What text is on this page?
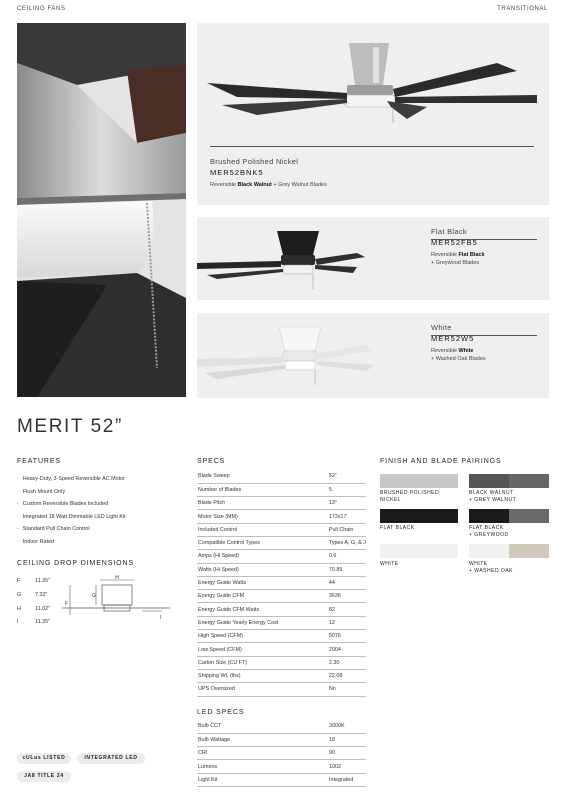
CEILING FANS	TRANSITIONAL
Brushed Polished Nickel
MER52BNK5
Reversible Black Walnut + Grey Walnut Blades
Flat Black
MER52FB5
Reversible Flat Black
+ Greywood Blades
White
MER52W5
Reversible White
+ Washed Oak Blades
MERIT 52”
FEATURES	SPECS	FINISH AND BLADE PAIRINGS
CEILING DROP DIMENSIONS
LED SPECS
· Heavy-Duty, 3-Speed Reversible AC Motor
· Flush Mount Only
· Custom Reversible Blades Included
· Integrated 18 Watt Dimmable LED Light Kit
· Standard Pull Chain Control
· Indoor Rated
Blade Sweep	52”
Number of Blades	5
Blade Pitch	13°
Motor Size (MM)	172x17
Included Control	Pull Chain
Compatible Control Types	Types A, G, & J
Amps (Hi Speed)	0.6
Watts (Hi Speed)	70.89
Energy Guide Watts	44
Energy Guide CFM	3636
Energy Guide CFM Watts	82
Energy Guide Yearly Energy Cost	12
High Speed (CFM)	5076
Low Speed (CFM)	2004
Carton Size (CU FT)	2.30
Shipping Wt. (lbs)	22.08
UPS Oversized	No
Bulb CCT	3000K
Bulb Wattage	18
CRI	90
Lumens	1002
Light Kit	Integrated
F	11.35”
G	7.32”
H	11.02”
I	11.35”
H
G
F
I
BRUSHED POLISHED
NICKEL
BLACK WALNUT
+ GREY WALNUT
FLAT BLACK	FLAT BLACK
+ GREYWOOD
WHITE	WHITE
+ WASHED OAK
cULus LISTED	INTEGRATED LED
JA8 TITLE 24
